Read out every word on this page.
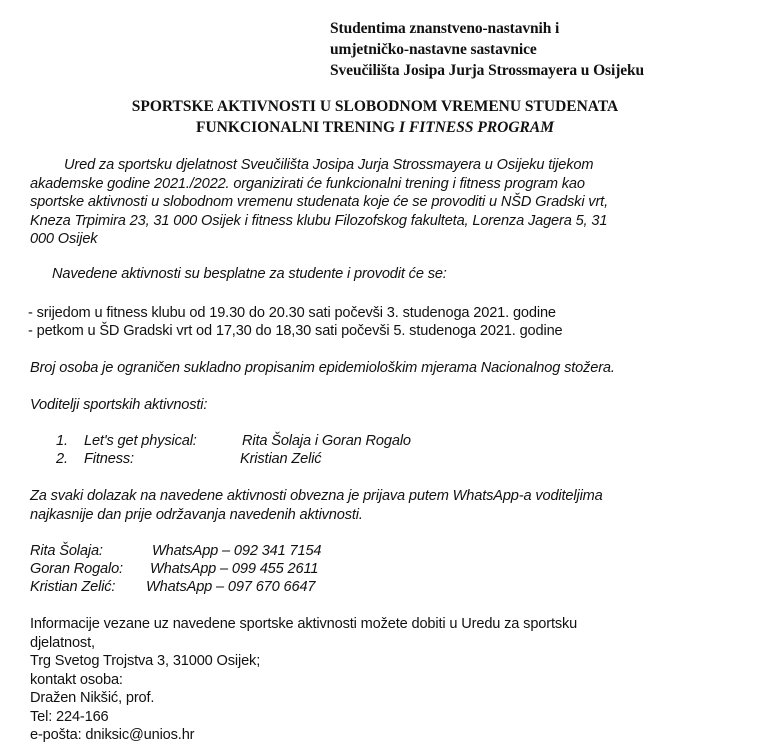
Studentima znanstveno-nastavnih i
umjetničko-nastavne sastavnice
Sveučilišta Josipa Jurja Strossmayera u Osijeku
SPORTSKE AKTIVNOSTI U SLOBODNOM VREMENU STUDENATA
FUNKCIONALNI TRENING I FITNESS PROGRAM
Ured za sportsku djelatnost Sveučilišta Josipa Jurja Strossmayera u Osijeku tijekom
akademske godine 2021./2022. organizirati će funkcionalni trening i fitness program kao
sportske aktivnosti u slobodnom vremenu studenata koje će se provoditi u NŠD Gradski vrt,
Kneza Trpimira 23, 31 000 Osijek i fitness klubu Filozofskog fakulteta, Lorenza Jagera 5, 31
000 Osijek
Navedene aktivnosti su besplatne za studente i provodit će se:
- srijedom u fitness klubu od 19.30 do 20.30 sati počevši 3. studenoga 2021. godine
- petkom u ŠD Gradski vrt od 17,30 do 18,30 sati počevši 5. studenoga 2021. godine
Broj osoba je ograničen sukladno propisanim epidemiološkim mjerama Nacionalnog stožera.
Voditelji sportskih aktivnosti:
1. Let's get physical:	Rita Šolaja i Goran Rogalo
2. Fitness:	Kristian Zelić
Za svaki dolazak na navedene aktivnosti obvezna je prijava putem WhatsApp-a voditeljima
najkasnije dan prije održavanja navedenih aktivnosti.
Rita Šolaja:	WhatsApp – 092 341 7154
Goran Rogalo: WhatsApp – 099 455 2611
Kristian Zelić: WhatsApp – 097 670 6647
Informacije vezane uz navedene sportske aktivnosti možete dobiti u Uredu za sportsku
djelatnost,
Trg Svetog Trojstva 3, 31000 Osijek;
kontakt osoba:
Dražen Nikšić, prof.
Tel: 224-166
e-pošta: dniksic@unios.hr
